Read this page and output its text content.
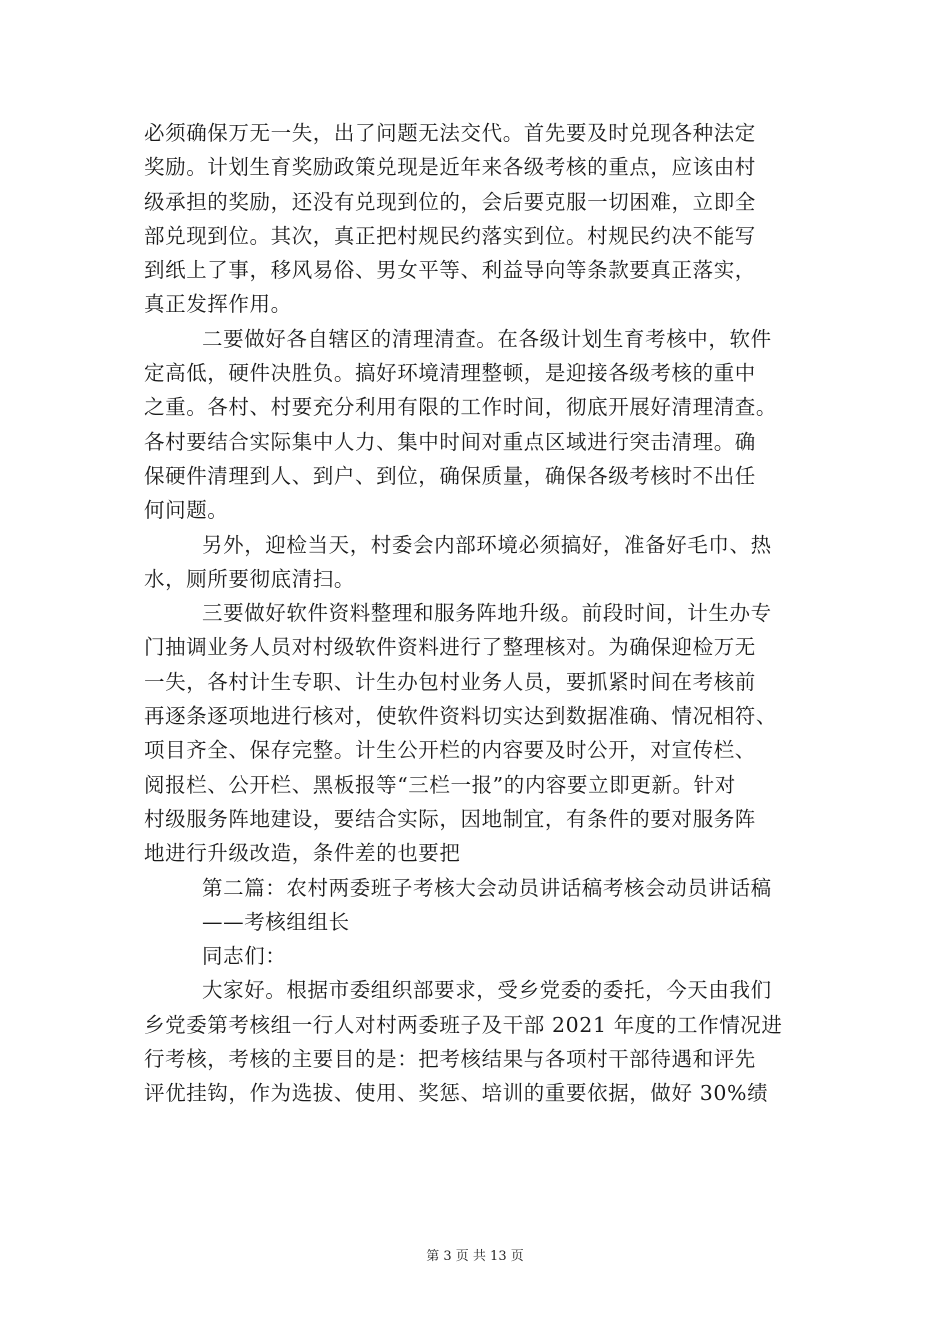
必须确保万无一失，出了问题无法交代。首先要及时兑现各种法定
奖励。计划生育奖励政策兑现是近年来各级考核的重点，应该由村
级承担的奖励，还没有兑现到位的，会后要克服一切困难，立即全
部兑现到位。其次，真正把村规民约落实到位。村规民约决不能写
到纸上了事，移风易俗、男女平等、利益导向等条款要真正落实，
真正发挥作用。
二要做好各自辖区的清理清查。在各级计划生育考核中，软件
定高低，硬件决胜负。搞好环境清理整顿，是迎接各级考核的重中
之重。各村、村要充分利用有限的工作时间，彻底开展好清理清查。
各村要结合实际集中人力、集中时间对重点区域进行突击清理。确
保硬件清理到人、到户、到位，确保质量，确保各级考核时不出任
何问题。
另外，迎检当天，村委会内部环境必须搞好，准备好毛巾、热
水，厕所要彻底清扫。
三要做好软件资料整理和服务阵地升级。前段时间，计生办专
门抽调业务人员对村级软件资料进行了整理核对。为确保迎检万无
一失，各村计生专职、计生办包村业务人员，要抓紧时间在考核前
再逐条逐项地进行核对，使软件资料切实达到数据准确、情况相符、
项目齐全、保存完整。计生公开栏的内容要及时公开，对宣传栏、
阅报栏、公开栏、黑板报等“三栏一报”的内容要立即更新。针对
村级服务阵地建设，要结合实际，因地制宜，有条件的要对服务阵
地进行升级改造，条件差的也要把
第二篇：农村两委班子考核大会动员讲话稿考核会动员讲话稿
——考核组组长
同志们：
大家好。根据市委组织部要求，受乡党委的委托，今天由我们
乡党委第考核组一行人对村两委班子及干部 2021 年度的工作情况进
行考核，考核的主要目的是：把考核结果与各项村干部待遇和评先
评优挂钩，作为选拔、使用、奖惩、培训的重要依据，做好 30%绩
第 3 页 共 13 页
